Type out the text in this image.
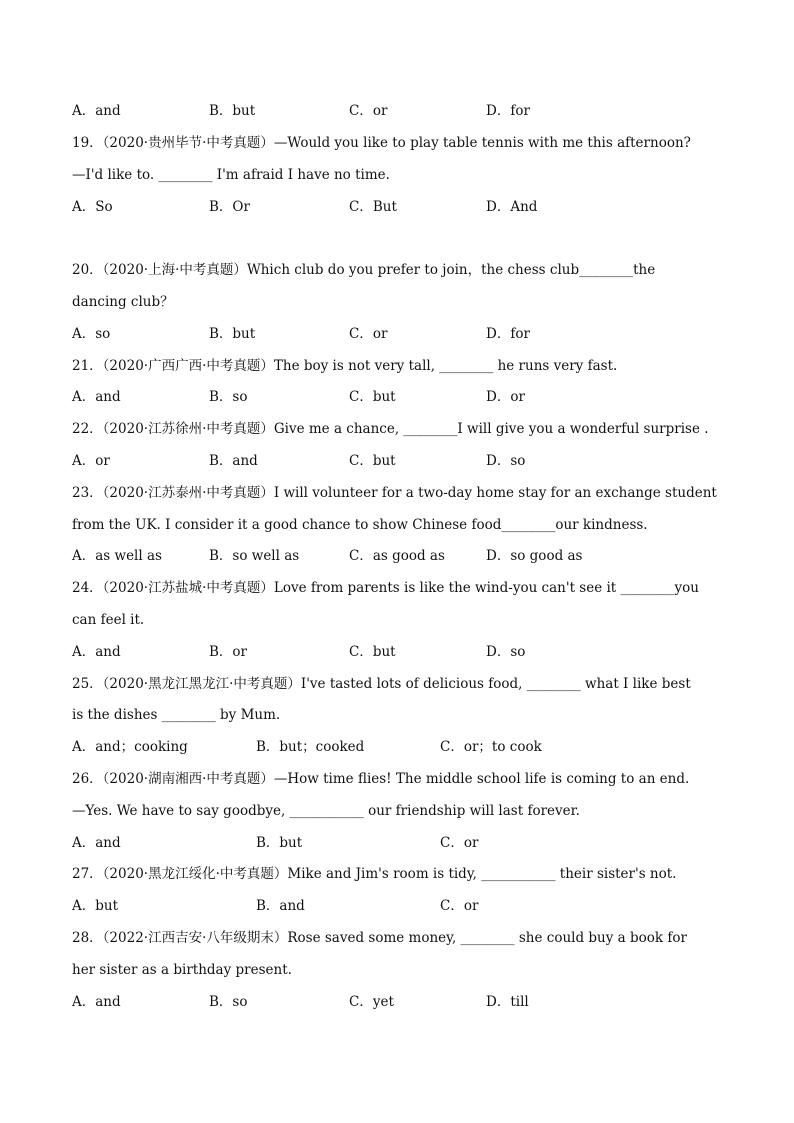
A．and	B．but	C．or	D．for
19．（2020·贵州毕节·中考真题）—Would you like to play table tennis with me this afternoon?
—I'd like to. ________ I'm afraid I have no time.
A．So	B．Or	C．But	D．And
20．（2020·上海·中考真题）Which club do you prefer to join，the chess club________the
dancing club？
A．so	B．but	C．or	D．for
21．（2020·广西广西·中考真题）The boy is not very tall, ________ he runs very fast.
A．and	B．so	C．but	D．or
22．（2020·江苏徐州·中考真题）Give me a chance, ________I will give you a wonderful surprise .
A．or	B．and	C．but	D．so
23．（2020·江苏泰州·中考真题）I will volunteer for a two-day home stay for an exchange student
from the UK. I consider it a good chance to show Chinese food________our kindness.
A．as well as	B．so well as	C．as good as	D．so good as
24．（2020·江苏盐城·中考真题）Love from parents is like the wind-you can't see it ________you
can feel it.
A．and	B．or	C．but	D．so
25．（2020·黑龙江黑龙江·中考真题）I've tasted lots of delicious food, ________ what I like best
is the dishes ________ by Mum.
A．and；cooking	B．but；cooked	C．or；to cook
26．（2020·湖南湘西·中考真题）—How time flies! The middle school life is coming to an end.
—Yes. We have to say goodbye, ___________ our friendship will last forever.
A．and	B．but	C．or
27．（2020·黑龙江绥化·中考真题）Mike and Jim's room is tidy, ___________ their sister's not.
A．but	B．and	C．or
28．（2022·江西吉安·八年级期末）Rose saved some money, ________ she could buy a book for
her sister as a birthday present.
A．and	B．so	C．yet	D．till
